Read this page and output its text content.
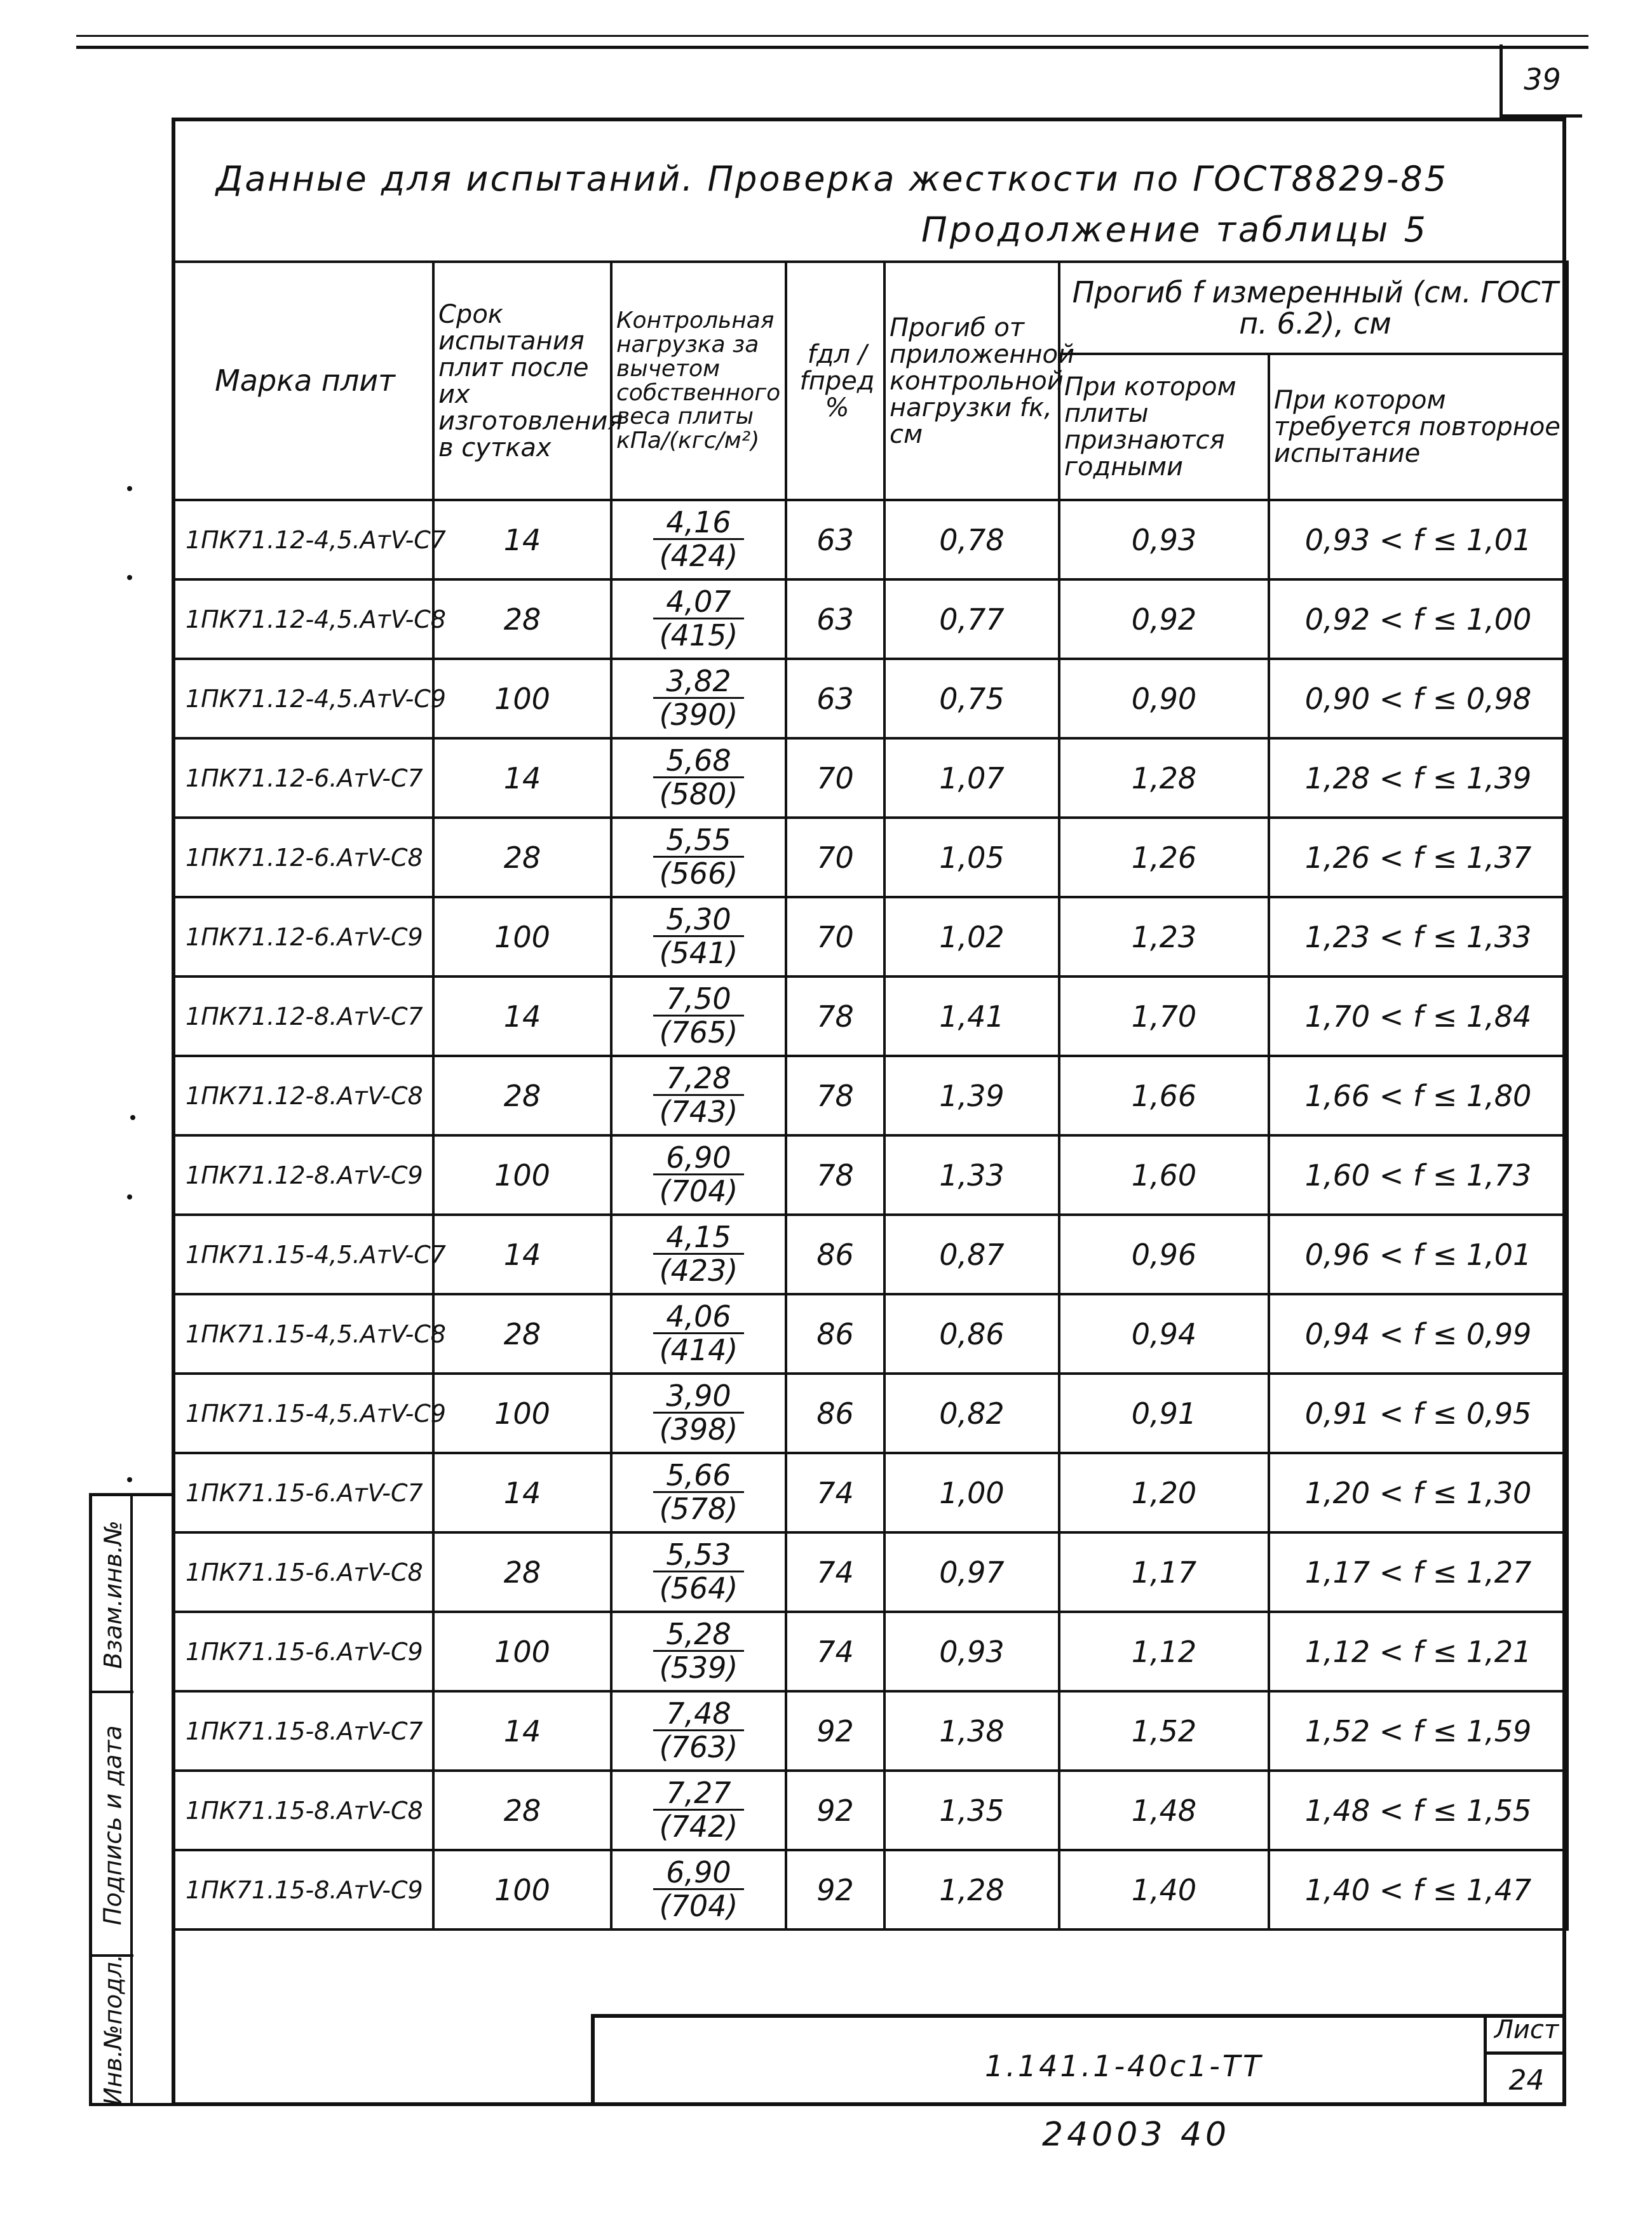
39
Данные для испытаний. Проверка жесткости по ГОСТ8829-85
Продолжение таблицы 5
Марка плит	Срок испытания плит после их изготовления в сутках	Контрольная нагрузка за вычетом собственного веса плиты кПа/(кгс/м²)	fдл / fпред %	Прогиб от приложенной контрольной нагрузки fк, см	Прогиб f измеренный (см. ГОСТ п. 6.2), см	
					При котором плиты признаются годными	При котором требуется повторное испытание
1ПК71.12-4,5.АтV-С7	14	$\frac{4,16}{(424)}$	63	0,78	0,93	0,93 < f ≤ 1,01
1ПК71.12-4,5.АтV-С8	28	$\frac{4,07}{(415)}$	63	0,77	0,92	0,92 < f ≤ 1,00
1ПК71.12-4,5.АтV-С9	100	$\frac{3,82}{(390)}$	63	0,75	0,90	0,90 < f ≤ 0,98
1ПК71.12-6.АтV-С7	14	$\frac{5,68}{(580)}$	70	1,07	1,28	1,28 < f ≤ 1,39
1ПК71.12-6.АтV-С8	28	$\frac{5,55}{(566)}$	70	1,05	1,26	1,26 < f ≤ 1,37
1ПК71.12-6.АтV-С9	100	$\frac{5,30}{(541)}$	70	1,02	1,23	1,23 < f ≤ 1,33
1ПК71.12-8.АтV-С7	14	$\frac{7,50}{(765)}$	78	1,41	1,70	1,70 < f ≤ 1,84
1ПК71.12-8.АтV-С8	28	$\frac{7,28}{(743)}$	78	1,39	1,66	1,66 < f ≤ 1,80
1ПК71.12-8.АтV-С9	100	$\frac{6,90}{(704)}$	78	1,33	1,60	1,60 < f ≤ 1,73
1ПК71.15-4,5.АтV-С7	14	$\frac{4,15}{(423)}$	86	0,87	0,96	0,96 < f ≤ 1,01
1ПК71.15-4,5.АтV-С8	28	$\frac{4,06}{(414)}$	86	0,86	0,94	0,94 < f ≤ 0,99
1ПК71.15-4,5.АтV-С9	100	$\frac{3,90}{(398)}$	86	0,82	0,91	0,91 < f ≤ 0,95
1ПК71.15-6.АтV-С7	14	$\frac{5,66}{(578)}$	74	1,00	1,20	1,20 < f ≤ 1,30
1ПК71.15-6.АтV-С8	28	$\frac{5,53}{(564)}$	74	0,97	1,17	1,17 < f ≤ 1,27
1ПК71.15-6.АтV-С9	100	$\frac{5,28}{(539)}$	74	0,93	1,12	1,12 < f ≤ 1,21
1ПК71.15-8.АтV-С7	14	$\frac{7,48}{(763)}$	92	1,38	1,52	1,52 < f ≤ 1,59
1ПК71.15-8.АтV-С8	28	$\frac{7,27}{(742)}$	92	1,35	1,48	1,48 < f ≤ 1,55
1ПК71.15-8.АтV-С9	100	$\frac{6,90}{(704)}$	92	1,28	1,40	1,40 < f ≤ 1,47
1.141.1-40с1-ТТ
Лист
24
24003 40
Взам.инв.№
Подпись и дата
Инв.№подл.
